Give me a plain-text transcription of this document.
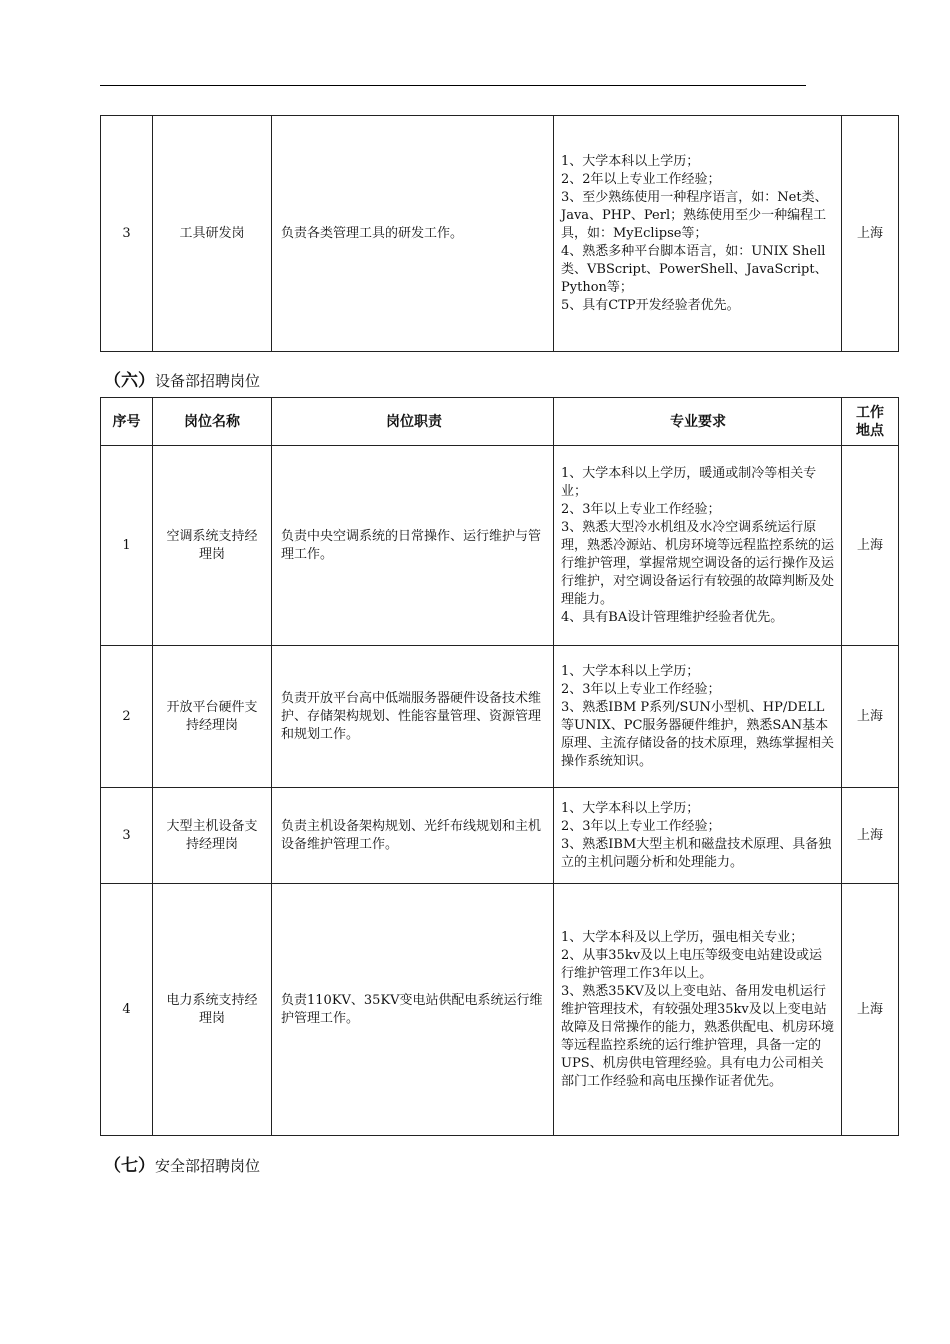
3	工具研发岗	负责各类管理工具的研发工作。	
1、大学本科以上学历；
2、2年以上专业工作经验；
3、至少熟练使用一种程序语言，如：Net类、Java、PHP、Perl；熟练使用至少一种编程工具，如：MyEclipse等；
4、熟悉多种平台脚本语言，如：UNIX Shell类、VBScript、PowerShell、JavaScript、Python等；
5、具有CTP开发经验者优先。
	上海
（六）设备部招聘岗位
序号	岗位名称	岗位职责	专业要求	工作
地点

1	空调系统支持经理岗	负责中央空调系统的日常操作、运行维护与管理工作。	1、大学本科以上学历，暖通或制冷等相关专业；
2、3年以上专业工作经验；
3、熟悉大型冷水机组及水冷空调系统运行原理，熟悉冷源站、机房环境等远程监控系统的运行维护管理，掌握常规空调设备的运行操作及运行维护，对空调设备运行有较强的故障判断及处理能力。
4、具有BA设计管理维护经验者优先。	上海
2	开放平台硬件支持经理岗	负责开放平台高中低端服务器硬件设备技术维护、存储架构规划、性能容量管理、资源管理和规划工作。	1、大学本科以上学历；
2、3年以上专业工作经验；
3、熟悉IBM P系列/SUN小型机、HP/DELL等UNIX、PC服务器硬件维护，熟悉SAN基本原理、主流存储设备的技术原理，熟练掌握相关操作系统知识。	上海
3	大型主机设备支持经理岗	负责主机设备架构规划、光纤布线规划和主机设备维护管理工作。	1、大学本科以上学历；
2、3年以上专业工作经验；
3、熟悉IBM大型主机和磁盘技术原理、具备独立的主机问题分析和处理能力。	上海
4	电力系统支持经理岗	负责110KV、35KV变电站供配电系统运行维护管理工作。	1、大学本科及以上学历，强电相关专业；
2、从事35kv及以上电压等级变电站建设或运行维护管理工作3年以上。
3、熟悉35KV及以上变电站、备用发电机运行维护管理技术，有较强处理35kv及以上变电站故障及日常操作的能力，熟悉供配电、机房环境等远程监控系统的运行维护管理，具备一定的UPS、机房供电管理经验。具有电力公司相关部门工作经验和高电压操作证者优先。	上海
（七）安全部招聘岗位
